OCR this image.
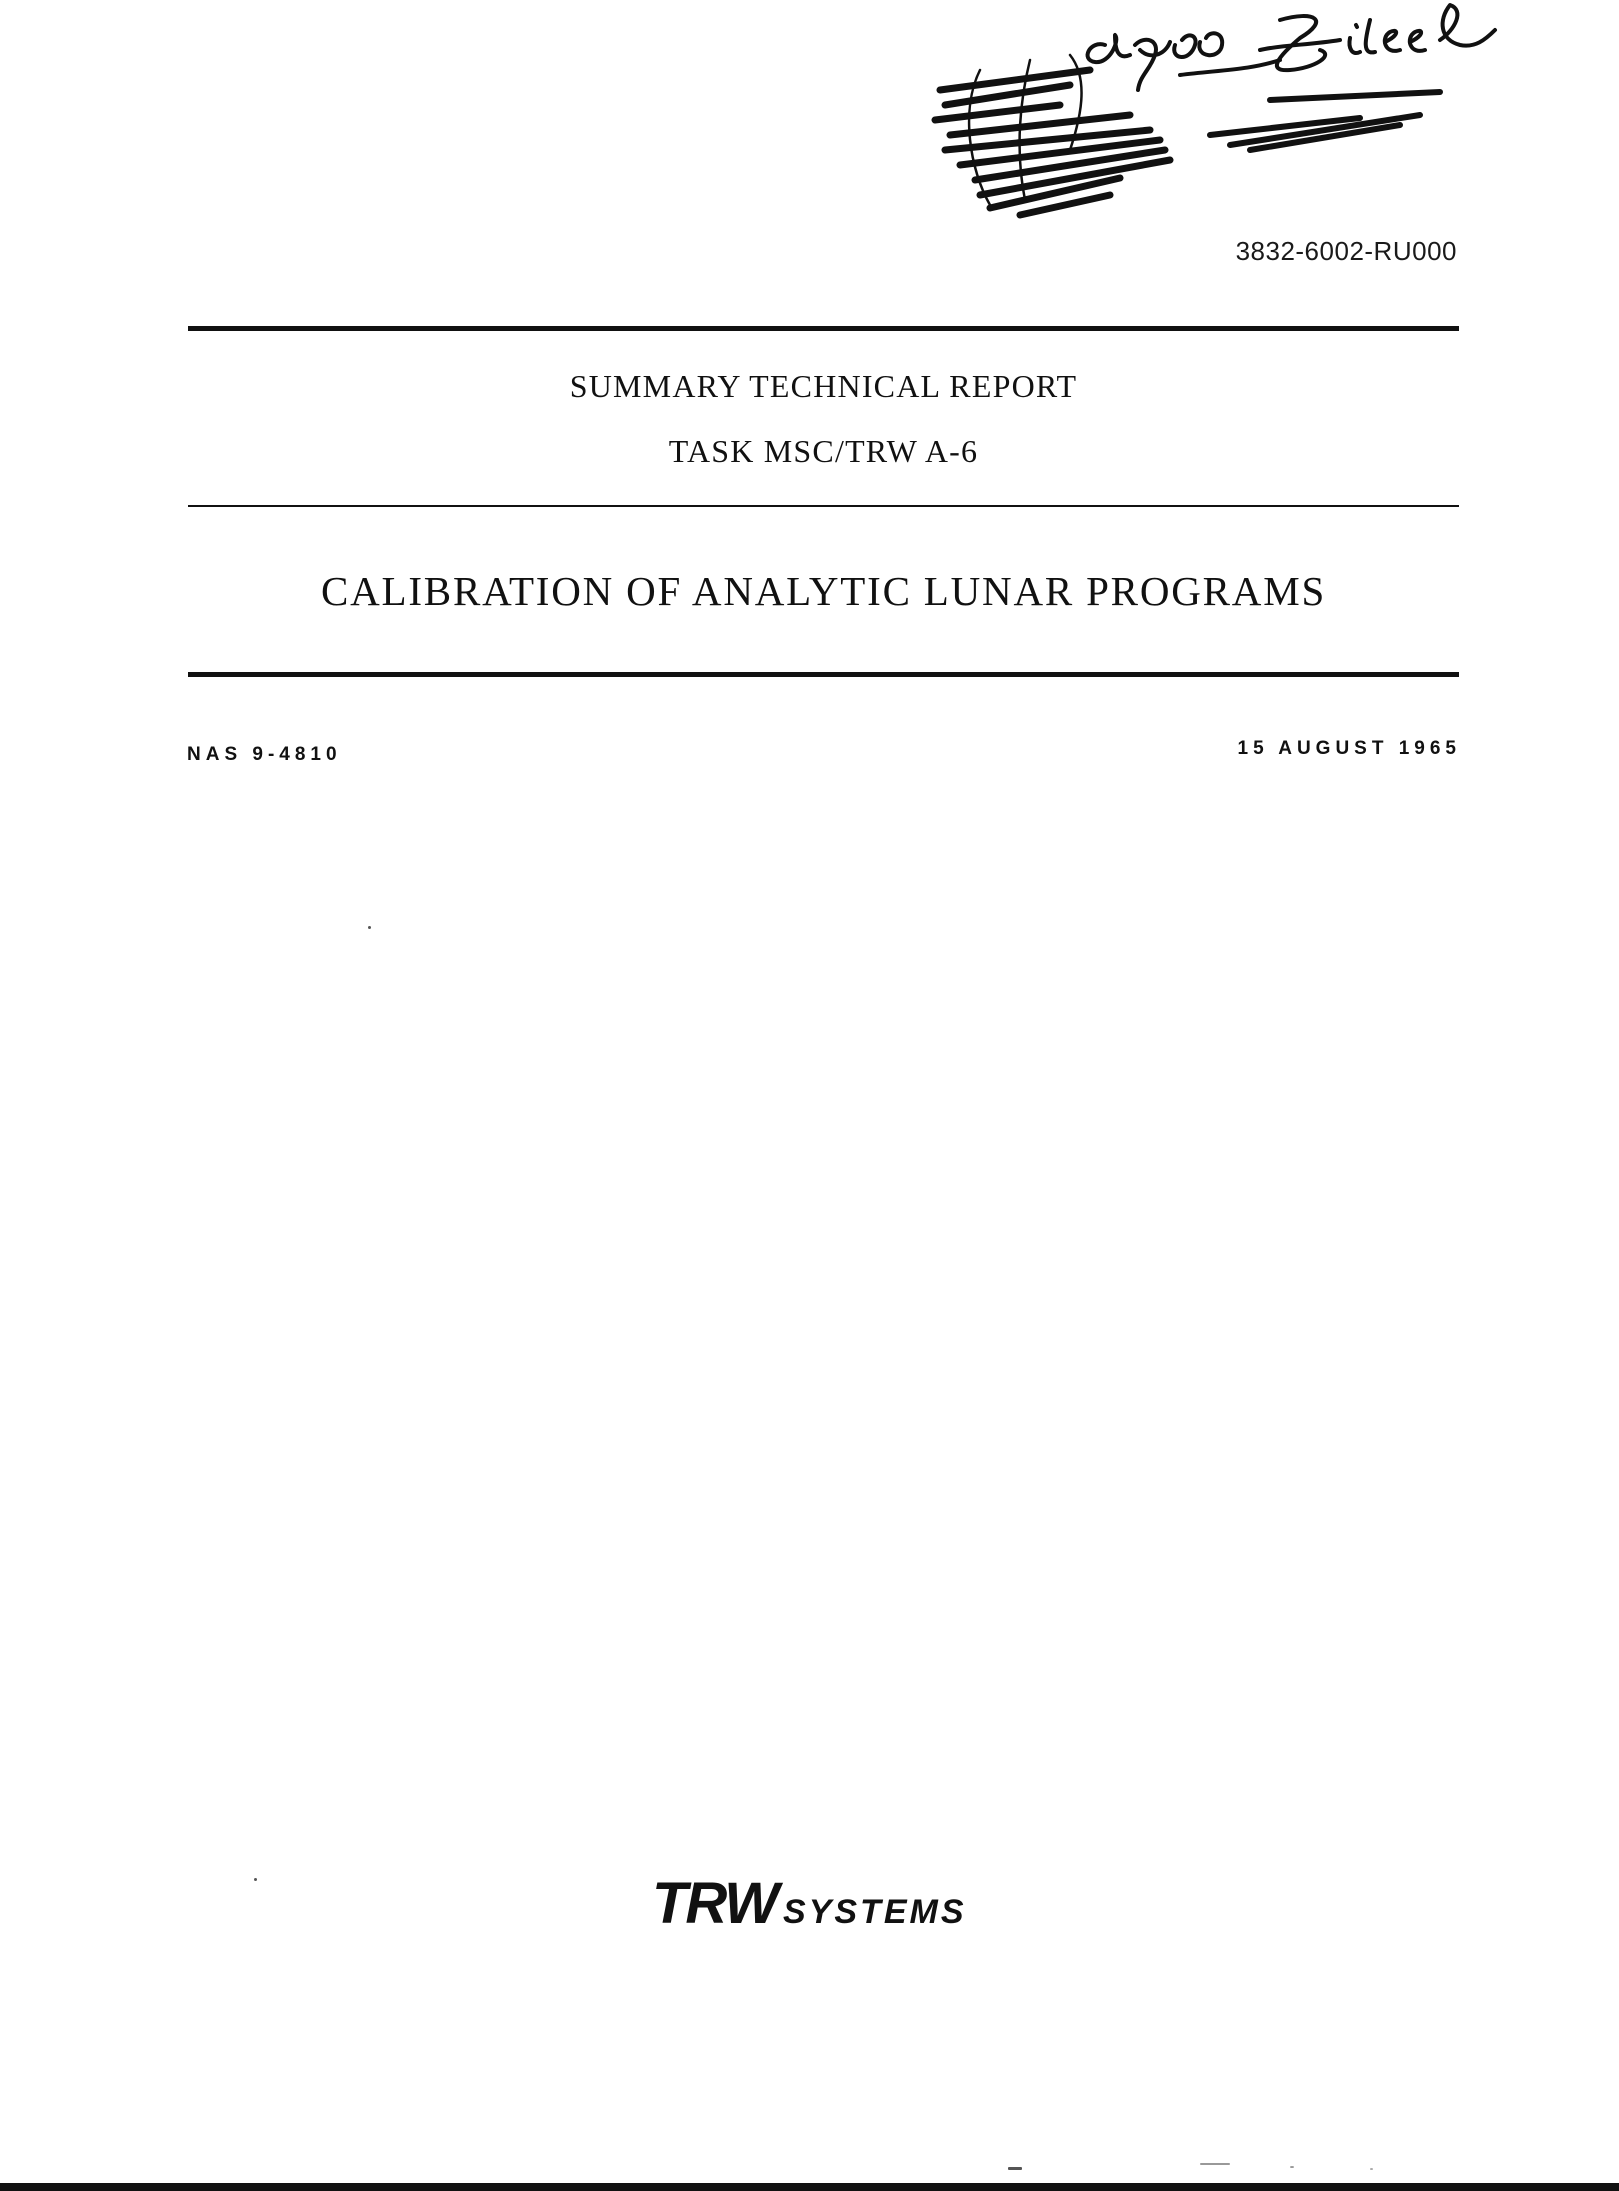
3832-6002-RU000
SUMMARY TECHNICAL REPORT
TASK MSC/TRW A-6
CALIBRATION OF ANALYTIC LUNAR PROGRAMS
NAS 9-4810	15 AUGUST 1965
TRW SYSTEMS
